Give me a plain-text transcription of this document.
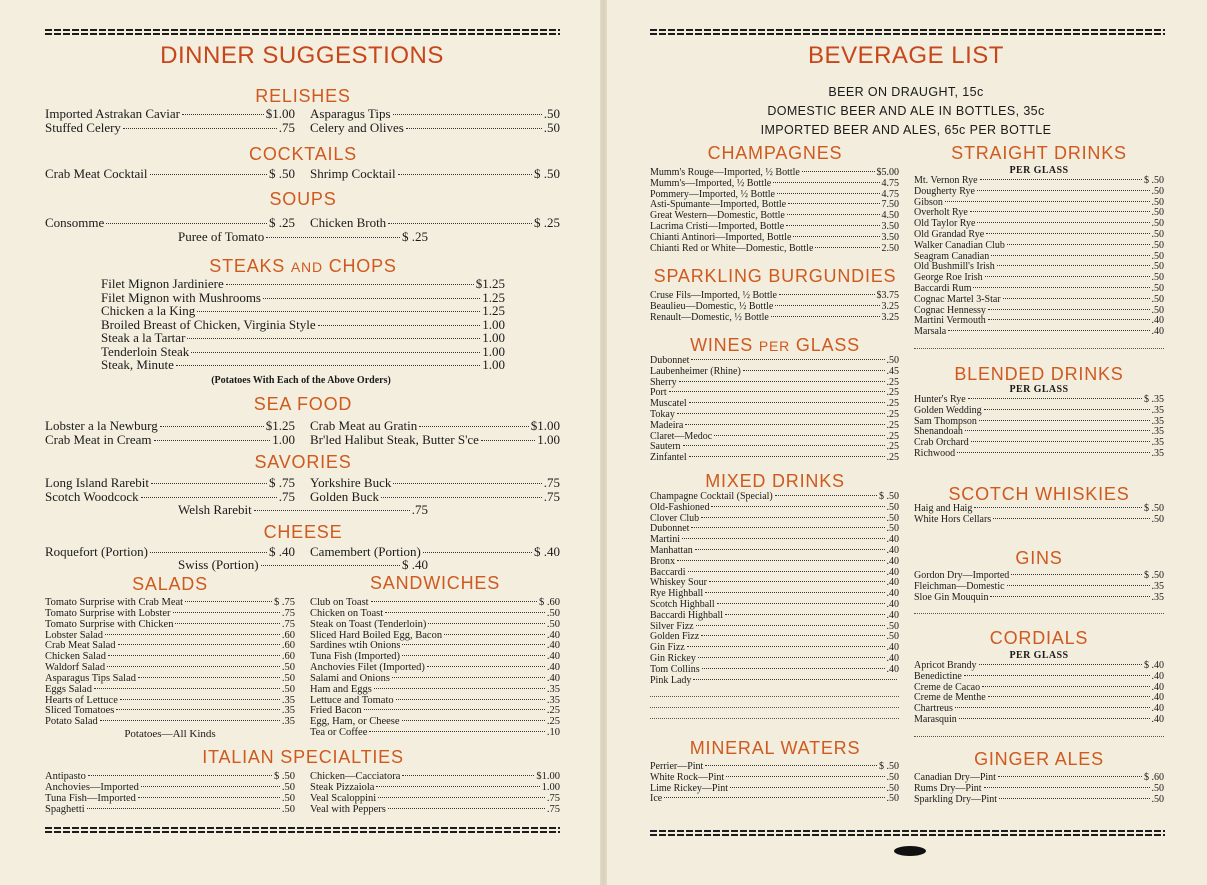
DINNER SUGGESTIONS
RELISHES
Imported Astrakan Caviar	$1.00
Stuffed Celery	.75
Asparagus Tips	.50
Celery and Olives	.50
COCKTAILS
Crab Meat Cocktail	$ .50 Shrimp Cocktail	$ .50
SOUPS
Consomme	$ .25 Chicken Broth	$ .25
Puree of Tomato	$ .25
STEAKS AND CHOPS
Filet Mignon Jardiniere	$1.25
Filet Mignon with Mushrooms	1.25
Chicken a la King	1.25
Broiled Breast of Chicken, Virginia Style	1.00
Steak a la Tartar	1.00
Tenderloin Steak	1.00
Steak, Minute	1.00
(Potatoes With Each of the Above Orders)
SEA FOOD
Lobster a la Newburg	$1.25
Crab Meat in Cream	1.00
Crab Meat au Gratin	$1.00
Br'led Halibut Steak, Butter S'ce	1.00
SAVORIES
Long Island Rarebit	$ .75
Scotch Woodcock	.75
Yorkshire Buck	.75
Golden Buck	.75
Welsh Rarebit	.75
CHEESE
Roquefort (Portion)	$ .40 Camembert (Portion)	$ .40
Swiss (Portion)	$ .40
SALADS
Tomato Surprise with Crab Meat	$ .75
Tomato Surprise with Lobster	.75
Tomato Surprise with Chicken	.75
Lobster Salad	.60
Crab Meat Salad	.60
Chicken Salad	.60
Waldorf Salad	.50
Asparagus Tips Salad	.50
Eggs Salad	.50
Hearts of Lettuce	.35
Sliced Tomatoes	.35
Potato Salad	.35
Potatoes—All Kinds
SANDWICHES
Club on Toast	$ .60
Chicken on Toast	.50
Steak on Toast (Tenderloin)	.50
Sliced Hard Boiled Egg, Bacon	.40
Sardines wtih Onions	.40
Tuna Fish (Imported)	.40
Anchovies Filet (Imported)	.40
Salami and Onions	.40
Ham and Eggs	.35
Lettuce and Tomato	.35
Fried Bacon	.25
Egg, Ham, or Cheese	.25
Tea or Coffee	.10
ITALIAN SPECIALTIES
Antipasto	$ .50
Anchovies—Imported	.50
Tuna Fish—Imported	.50
Spaghetti	.50
Chicken—Cacciatora	$1.00
Steak Pizzaiola	1.00
Veal Scaloppini	.75
Veal with Peppers	.75
BEVERAGE LIST
BEER ON DRAUGHT, 15c
DOMESTIC BEER AND ALE IN BOTTLES, 35c
IMPORTED BEER AND ALES, 65c PER BOTTLE
CHAMPAGNES
Mumm's Rouge—Imported, ½ Bottle	$5.00
Mumm's—Imported, ½ Bottle	4.75
Pommery—Imported, ½ Bottle	4.75
Asti-Spumante—Imported, Bottle	7.50
Great Western—Domestic, Bottle	4.50
Lacrima Cristi—Imported, Bottle	3.50
Chianti Antinori—Imported, Bottle	3.50
Chianti Red or White—Domestic, Bottle	2.50
SPARKLING BURGUNDIES
Cruse Fils—Imported, ½ Bottle	$3.75
Beaulieu—Domestic, ½ Bottle	3.25
Renault—Domestic, ½ Bottle	3.25
WINES PER GLASS
Dubonnet	.50
Laubenheimer (Rhine)	.45
Sherry	.25
Port	.25
Muscatel	.25
Tokay	.25
Madeira	.25
Claret—Medoc	.25
Sautern	.25
Zinfantel	.25
MIXED DRINKS
Champagne Cocktail (Special)	$ .50
Old-Fashioned	.50
Clover Club	.50
Dubonnet	.50
Martini	.40
Manhattan	.40
Bronx	.40
Baccardi	.40
Whiskey Sour	.40
Rye Highball	.40
Scotch Highball	.40
Baccardi Highball	.40
Silver Fizz	.50
Golden Fizz	.50
Gin Fizz	.40
Gin Rickey	.40
Tom Collins	.40
Pink Lady
MINERAL WATERS
Perrier—Pint	$ .50
White Rock—Pint	.50
Lime Rickey—Pint	.50
Ice	.50
STRAIGHT DRINKS
PER GLASS
Mt. Vernon Rye	$ .50
Dougherty Rye	.50
Gibson	.50
Overholt Rye	.50
Old Taylor Rye	.50
Old Grandad Rye	.50
Walker Canadian Club	.50
Seagram Canadian	.50
Old Bushmill's Irish	.50
George Roe Irish	.50
Baccardi Rum	.50
Cognac Martel 3-Star	.50
Cognac Hennessy	.50
Martini Vermouth	.40
Marsala	.40
BLENDED DRINKS
PER GLASS
Hunter's Rye	$ .35
Golden Wedding	.35
Sam Thompson	.35
Shenandoah	.35
Crab Orchard	.35
Richwood	.35
SCOTCH WHISKIES
Haig and Haig	$ .50
White Hors Cellars	.50
GINS
Gordon Dry—Imported	$ .50
Fleichman—Domestic	.35
Sloe Gin Mouquin	.35
CORDIALS
PER GLASS
Apricot Brandy	$ .40
Benedictine	.40
Creme de Cacao	.40
Creme de Menthe	.40
Chartreus	.40
Marasquin	.40
GINGER ALES
Canadian Dry—Pint	$ .60
Rums Dry—Pint	.50
Sparkling Dry—Pint	.50
